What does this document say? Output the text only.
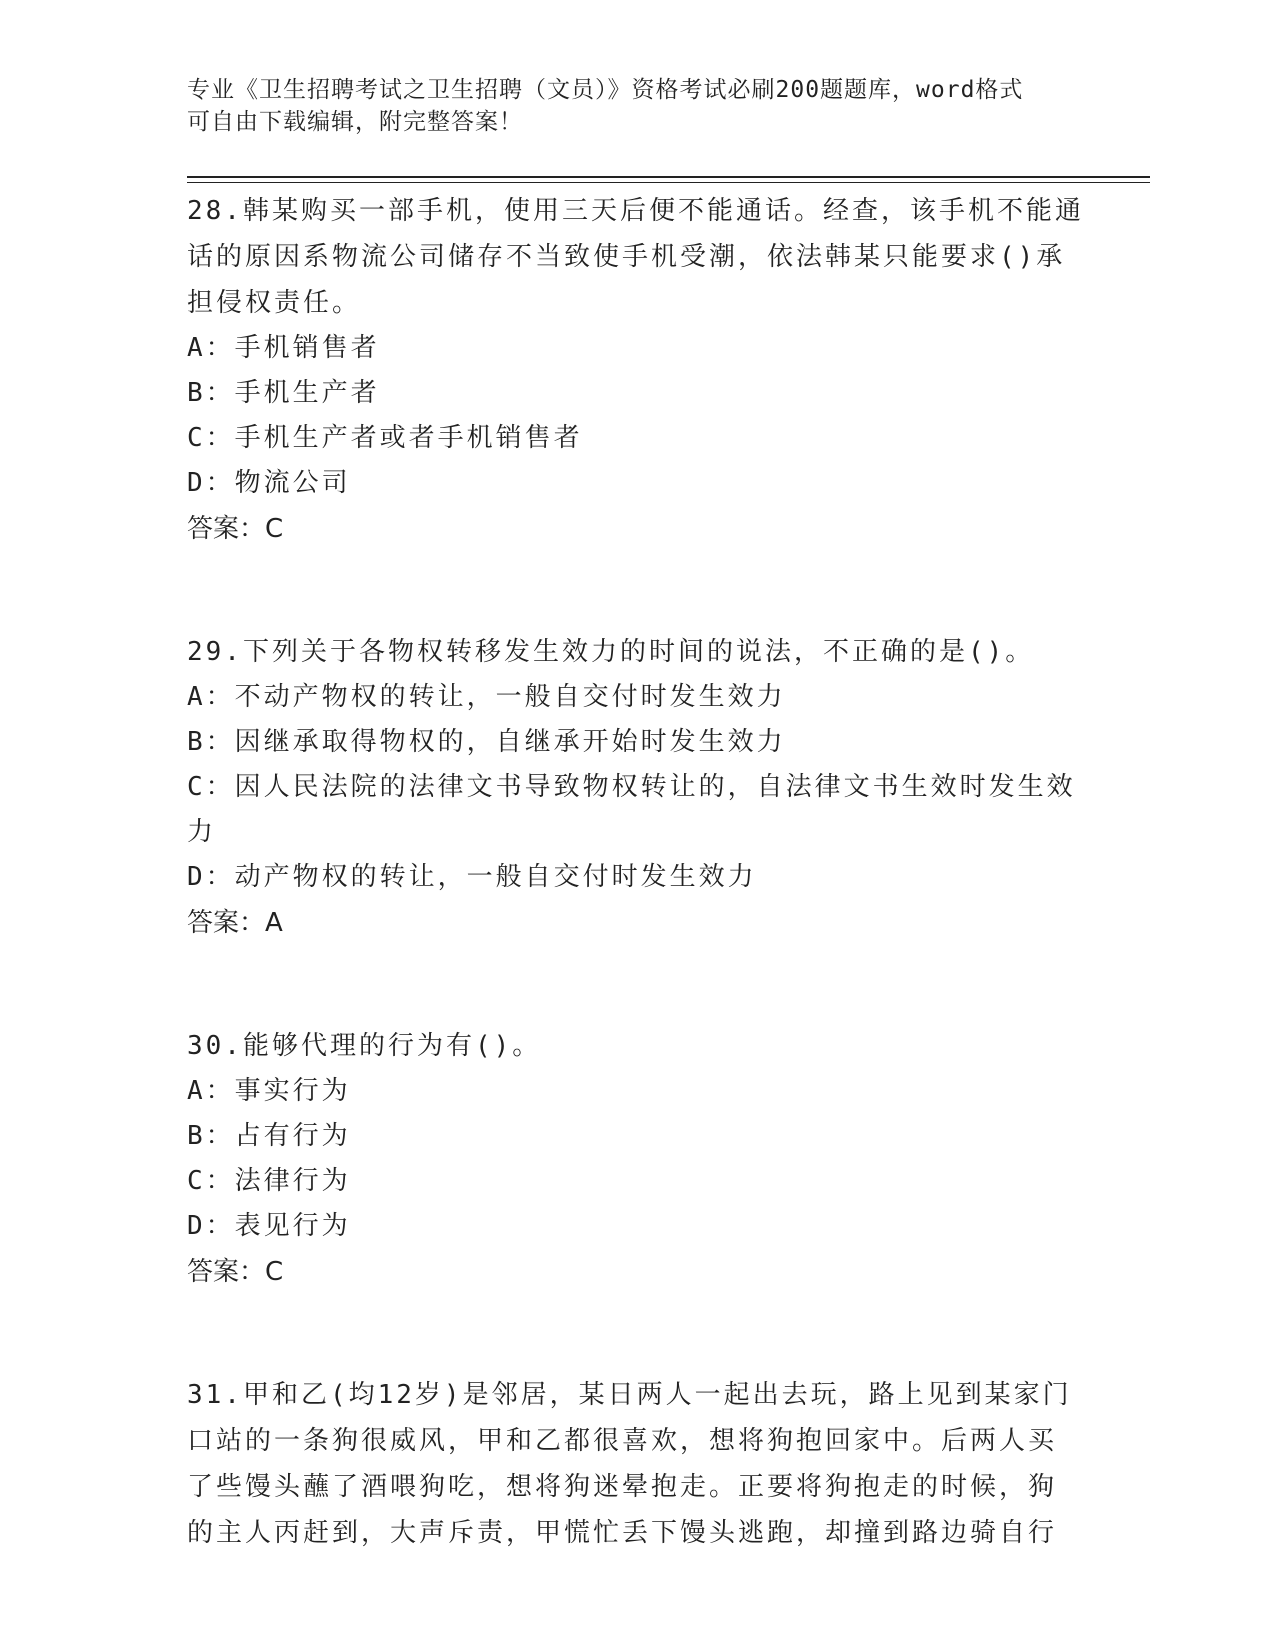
专业《卫生招聘考试之卫生招聘（文员）》资格考试必刷200题题库，word格式
可自由下载编辑，附完整答案！
28.韩某购买一部手机，使用三天后便不能通话。经查，该手机不能通
话的原因系物流公司储存不当致使手机受潮，依法韩某只能要求()承
担侵权责任。
A：手机销售者
B：手机生产者
C：手机生产者或者手机销售者
D：物流公司
答案：C
29.下列关于各物权转移发生效力的时间的说法，不正确的是()。
A：不动产物权的转让，一般自交付时发生效力
B：因继承取得物权的，自继承开始时发生效力
C：因人民法院的法律文书导致物权转让的，自法律文书生效时发生效
力
D：动产物权的转让，一般自交付时发生效力
答案：A
30.能够代理的行为有()。
A：事实行为
B：占有行为
C：法律行为
D：表见行为
答案：C
31.甲和乙(均12岁)是邻居，某日两人一起出去玩，路上见到某家门
口站的一条狗很威风，甲和乙都很喜欢，想将狗抱回家中。后两人买
了些馒头蘸了酒喂狗吃，想将狗迷晕抱走。正要将狗抱走的时候，狗
的主人丙赶到，大声斥责，甲慌忙丢下馒头逃跑，却撞到路边骑自行
